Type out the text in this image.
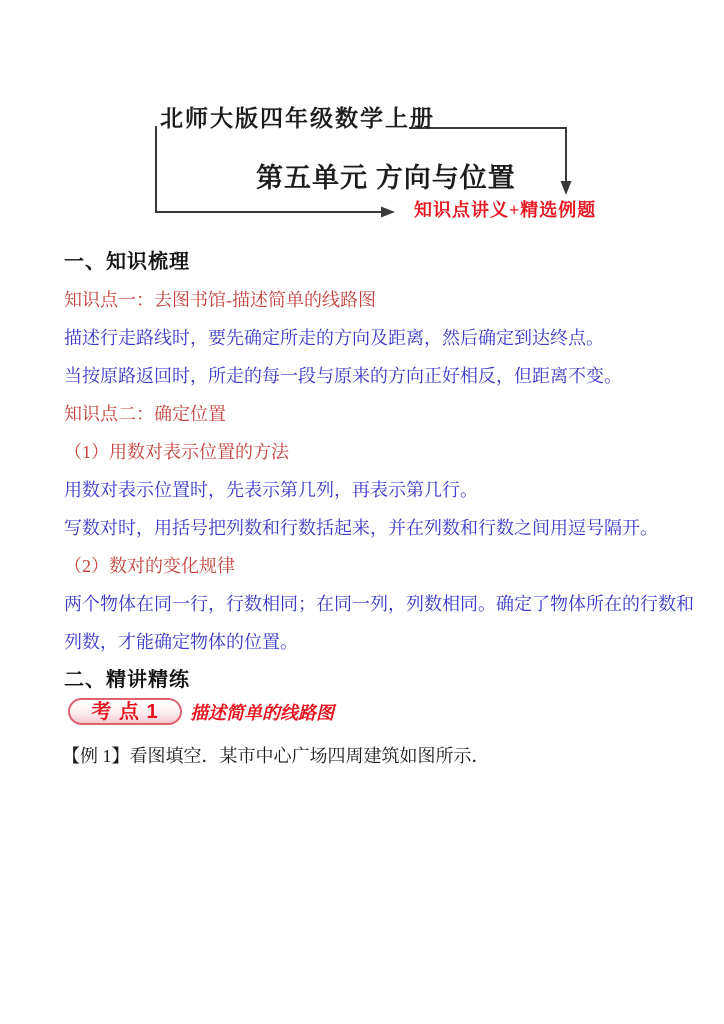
北师大版四年级数学上册
第五单元 方向与位置
知识点讲义+精选例题
一、知识梳理
知识点一：去图书馆-描述简单的线路图
描述行走路线时，要先确定所走的方向及距离，然后确定到达终点。
当按原路返回时，所走的每一段与原来的方向正好相反，但距离不变。
知识点二：确定位置
（1）用数对表示位置的方法
用数对表示位置时，先表示第几列，再表示第几行。
写数对时，用括号把列数和行数括起来，并在列数和行数之间用逗号隔开。
（2）数对的变化规律
两个物体在同一行，行数相同；在同一列，列数相同。确定了物体所在的行数和
列数，才能确定物体的位置。
二、精讲精练
考 点 1 描述简单的线路图
【例 1】看图填空．某市中心广场四周建筑如图所示．
